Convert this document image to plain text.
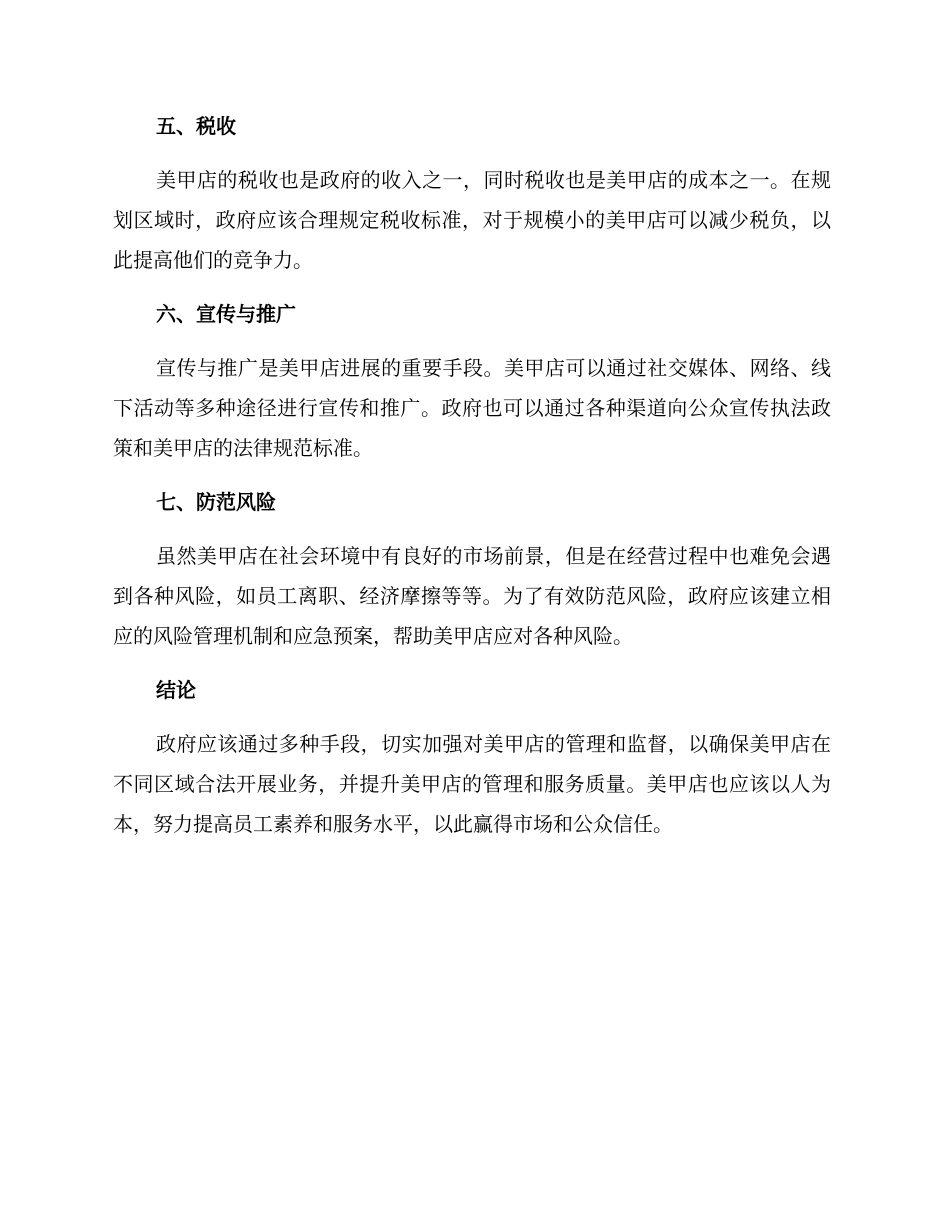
五、税收

美甲店的税收也是政府的收入之一，同时税收也是美甲店的成本之一。在规划区域时，政府应该合理规定税收标准，对于规模小的美甲店可以减少税负，以此提高他们的竞争力。

六、宣传与推广

宣传与推广是美甲店进展的重要手段。美甲店可以通过社交媒体、网络、线下活动等多种途径进行宣传和推广。政府也可以通过各种渠道向公众宣传执法政策和美甲店的法律规范标准。

七、防范风险

虽然美甲店在社会环境中有良好的市场前景，但是在经营过程中也难免会遇到各种风险，如员工离职、经济摩擦等等。为了有效防范风险，政府应该建立相应的风险管理机制和应急预案，帮助美甲店应对各种风险。

结论

政府应该通过多种手段，切实加强对美甲店的管理和监督，以确保美甲店在不同区域合法开展业务，并提升美甲店的管理和服务质量。美甲店也应该以人为本，努力提高员工素养和服务水平，以此赢得市场和公众信任。
